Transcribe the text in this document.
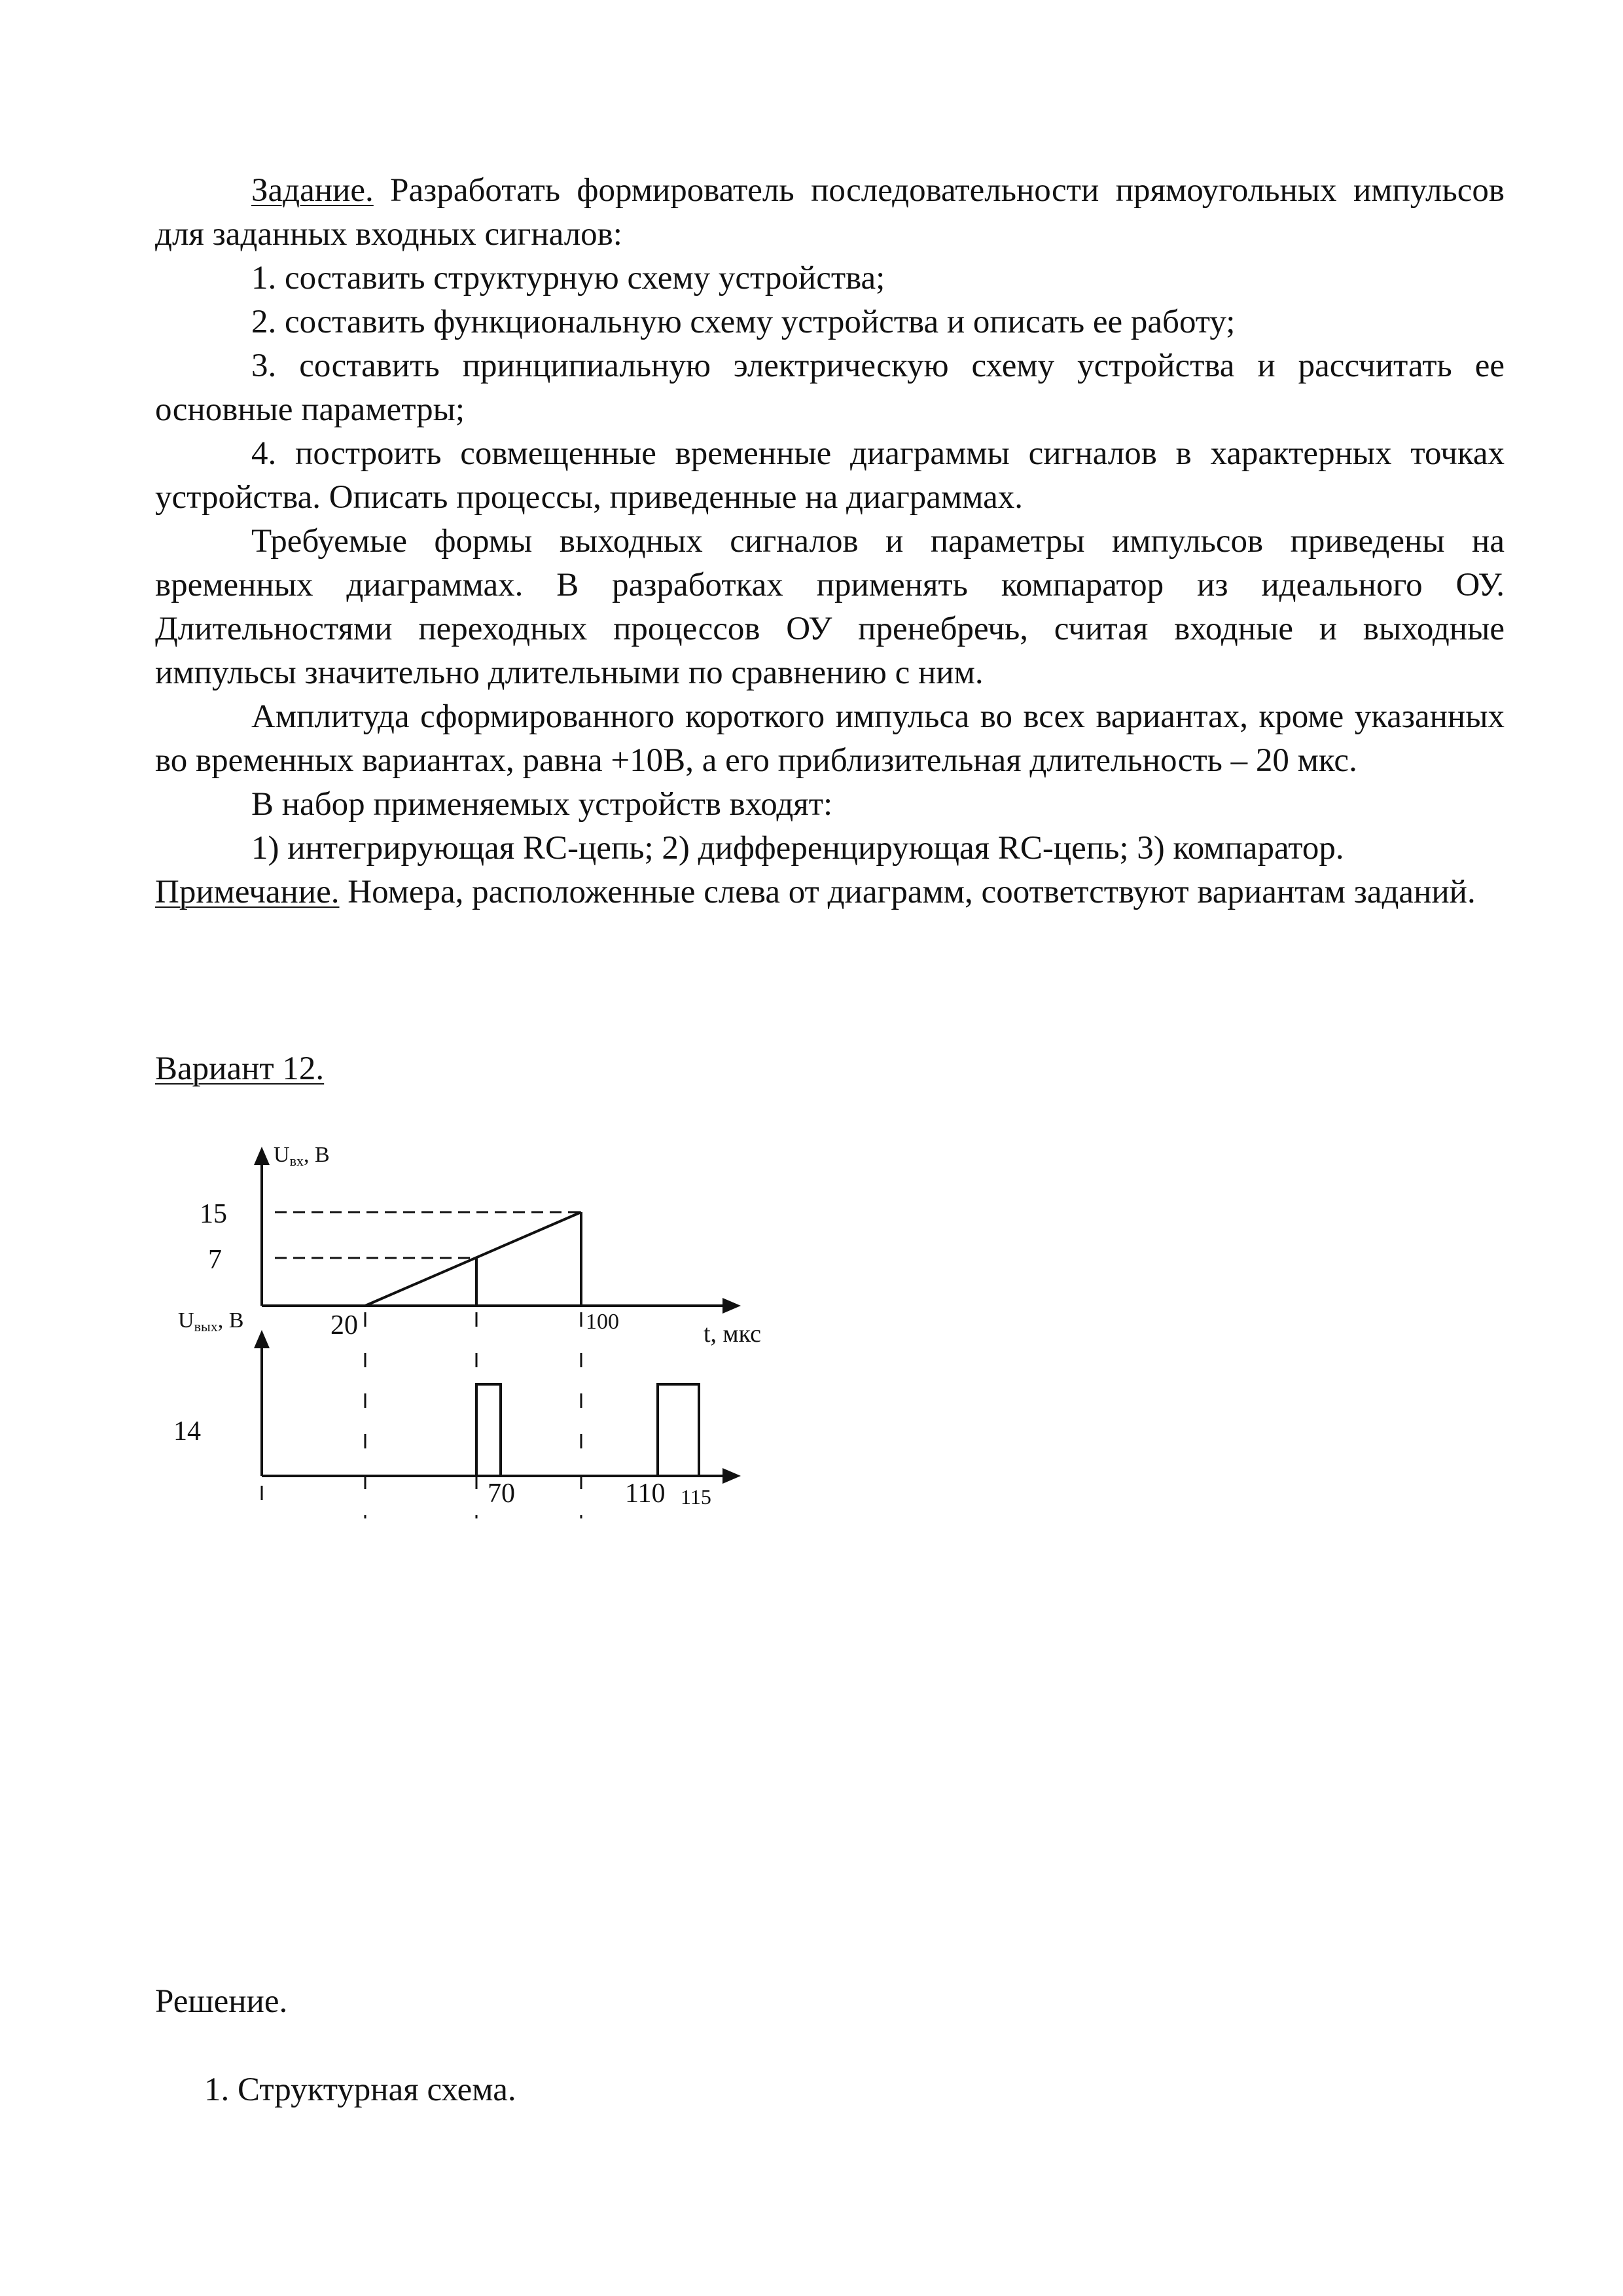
Задание. Разработать формирователь последовательности прямоугольных импульсов для заданных входных сигналов:

1. составить структурную схему устройства;

2. составить функциональную схему устройства и описать ее работу;

3. составить принципиальную электрическую схему устройства и рассчитать ее основные параметры;

4. построить совмещенные временные диаграммы сигналов в характерных точках устройства. Описать процессы, приведенные на диаграммах.

Требуемые формы выходных сигналов и параметры импульсов приведены на временных диаграммах. В разработках применять компаратор из идеального ОУ. Длительностями переходных процессов ОУ пренебречь, считая входные и выходные импульсы значительно длительными по сравнению с ним.

Амплитуда сформированного короткого импульса во всех вариантах, кроме указанных во временных вариантах, равна +10В, а его приблизительная длительность – 20 мкс.

В набор применяемых устройств входят:

1) интегрирующая RC-цепь; 2) дифференцирующая RC-цепь; 3) компаратор.

Примечание. Номера, расположенные слева от диаграмм, соответствуют вариантам заданий.

Вариант 12.
Uвх, В
15
7
Uвых, В	20	100	t, мкс
14
70	110 115
Решение.
1. Структурная схема.
